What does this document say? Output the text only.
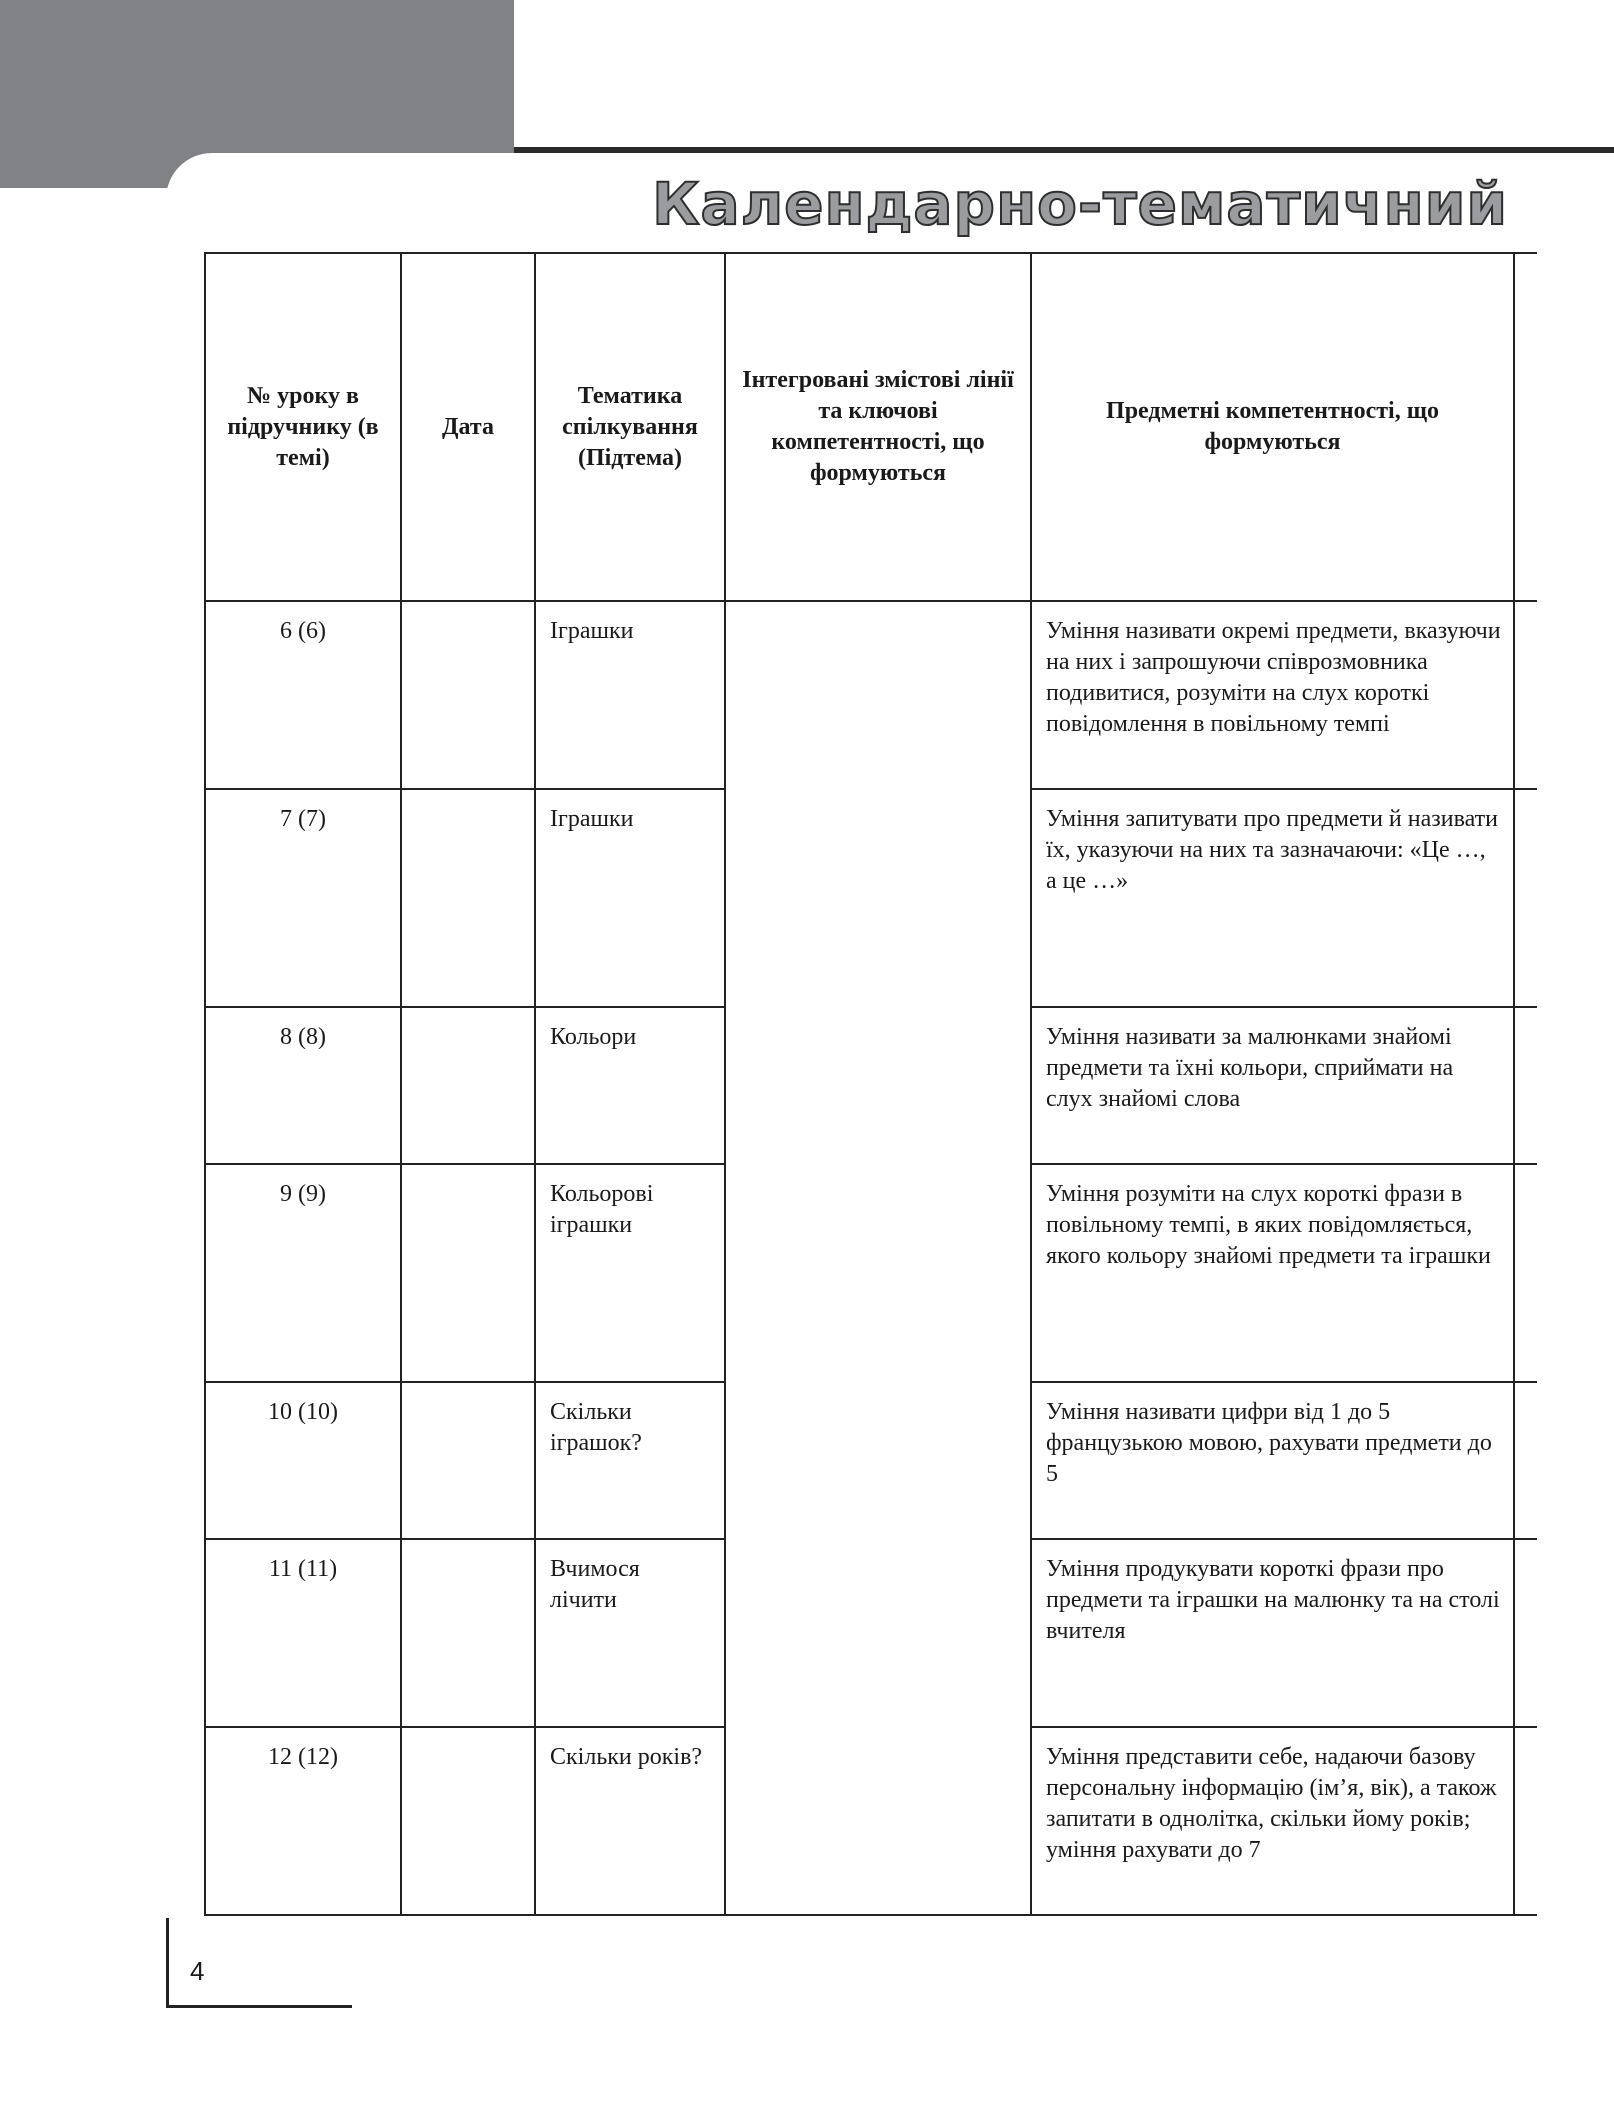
Календарно-тематичний
№ уроку в підручнику (в темі)	Дата	Тематика спілкування (Підтема)	Інтегровані змістові лінії та ключові компетентності, що формуються	Предметні компетентності, що формуються	
6 (6)		Іграшки		Уміння називати окремі предмети, вказуючи на них і запрошуючи співрозмовника подивитися, розуміти на слух короткі повідомлення в повільному темпі	
7 (7)		Іграшки		Уміння запитувати про предмети й називати їх, указуючи на них та зазначаючи: «Це …, а це …»	
8 (8)		Кольори		Уміння називати за малюнками знайомі предмети та їхні кольори, сприймати на слух знайомі слова	
9 (9)		Кольорові іграшки		Уміння розуміти на слух короткі фрази в повільному темпі, в яких повідомляється, якого кольору знайомі предмети та іграшки	
10 (10)		Скільки іграшок?		Уміння називати цифри від 1 до 5 французькою мовою, рахувати предмети до 5	
11 (11)		Вчимося лічити		Уміння продукувати короткі фрази про предмети та іграшки на малюнку та на столі вчителя	
12 (12)		Скільки років?		Уміння представити себе, надаючи базову персональну інформацію (ім’я, вік), а також запитати в однолітка, скільки йому років; уміння рахувати до 7	
4
